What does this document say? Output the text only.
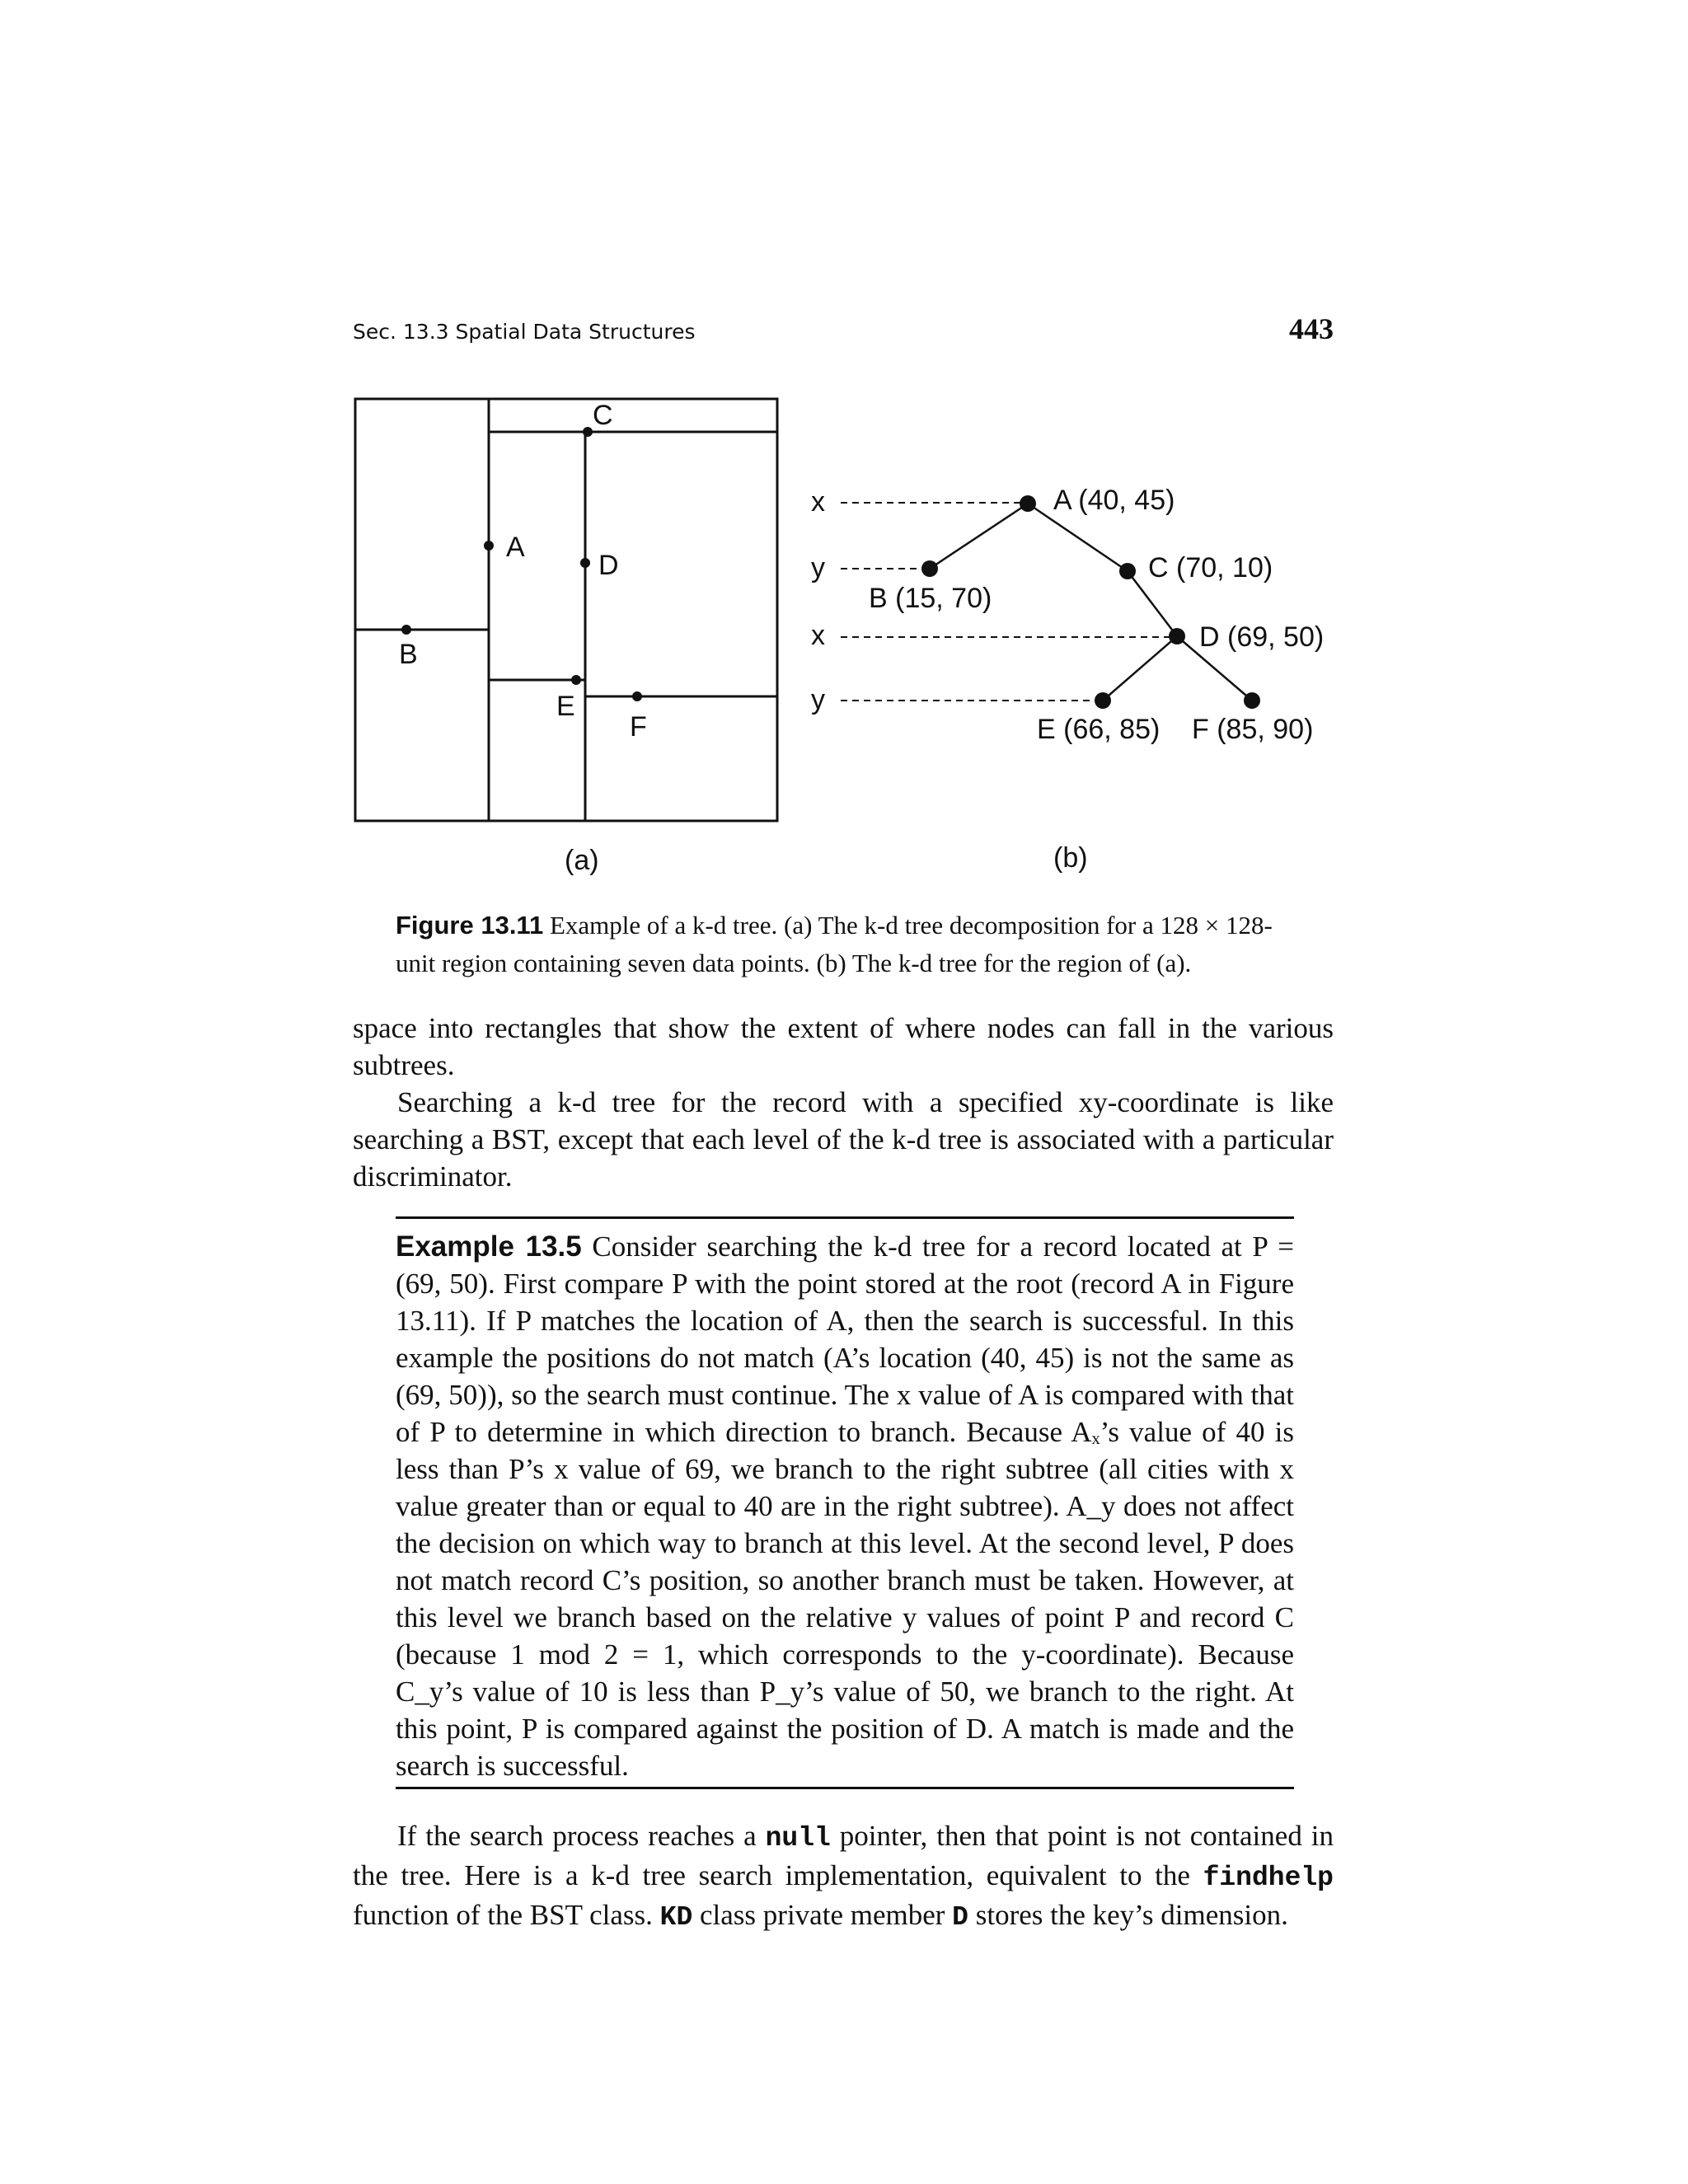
Sec. 13.3 Spatial Data Structures	443
A
B
C
D
E
F
(a)
x
y
x
y
A (40, 45)
B (15, 70)
C (70, 10)
D (69, 50)
E (66, 85) F (85, 90)
(b)
Figure 13.11 Example of a k-d tree. (a) The k-d tree decomposition for a 128 × 128-unit region containing seven data points. (b) The k-d tree for the region of (a).
space into rectangles that show the extent of where nodes can fall in the various subtrees.
Searching a k-d tree for the record with a specified xy-coordinate is like searching a BST, except that each level of the k-d tree is associated with a particular discriminator.
Example 13.5 Consider searching the k-d tree for a record located at P = (69, 50). First compare P with the point stored at the root (record A in Figure 13.11). If P matches the location of A, then the search is successful. In this example the positions do not match (A’s location (40, 45) is not the same as (69, 50)), so the search must continue. The x value of A is compared with that of P to determine in which direction to branch. Because Aₓ’s value of 40 is less than P’s x value of 69, we branch to the right subtree (all cities with x value greater than or equal to 40 are in the right subtree). A_y does not affect the decision on which way to branch at this level. At the second level, P does not match record C’s position, so another branch must be taken. However, at this level we branch based on the relative y values of point P and record C (because 1 mod 2 = 1, which corresponds to the y-coordinate). Because C_y’s value of 10 is less than P_y’s value of 50, we branch to the right. At this point, P is compared against the position of D. A match is made and the search is successful.
If the search process reaches a null pointer, then that point is not contained in the tree. Here is a k-d tree search implementation, equivalent to the findhelp function of the BST class. KD class private member D stores the key’s dimension.
